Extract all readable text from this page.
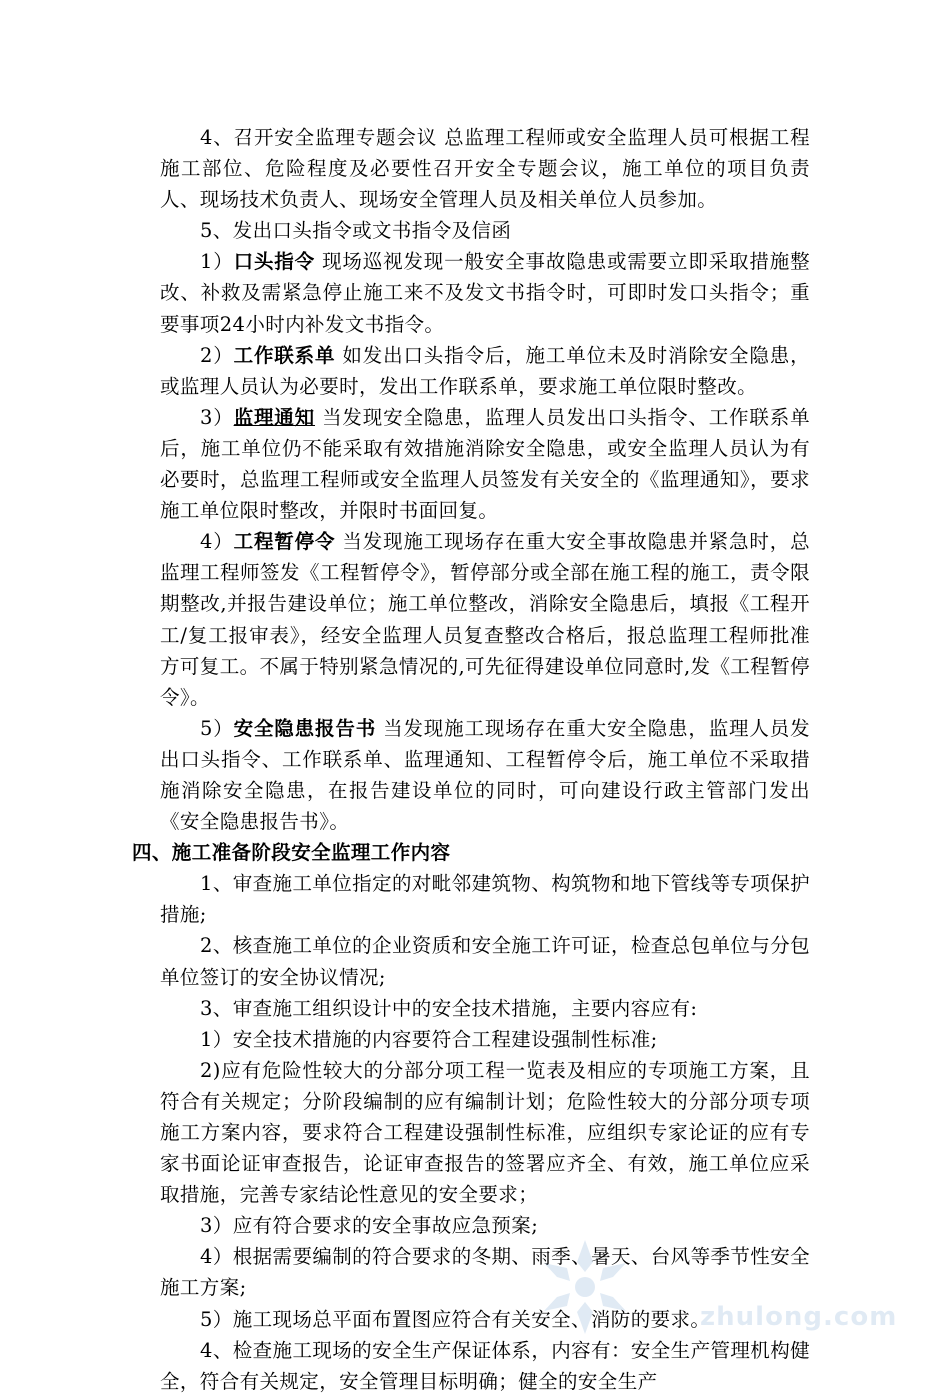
4、召开安全监理专题会议 总监理工程师或安全监理人员可根据工程施工部位、危险程度及必要性召开安全专题会议，施工单位的项目负责人、现场技术负责人、现场安全管理人员及相关单位人员参加。

5、发出口头指令或文书指令及信函

1）口头指令 现场巡视发现一般安全事故隐患或需要立即采取措施整改、补救及需紧急停止施工来不及发文书指令时，可即时发口头指令；重要事项24小时内补发文书指令。

2）工作联系单 如发出口头指令后，施工单位未及时消除安全隐患，或监理人员认为必要时，发出工作联系单，要求施工单位限时整改。

3）监理通知 当发现安全隐患，监理人员发出口头指令、工作联系单后，施工单位仍不能采取有效措施消除安全隐患，或安全监理人员认为有必要时，总监理工程师或安全监理人员签发有关安全的《监理通知》，要求施工单位限时整改，并限时书面回复。

4）工程暂停令 当发现施工现场存在重大安全事故隐患并紧急时，总监理工程师签发《工程暂停令》，暂停部分或全部在施工程的施工，责令限期整改,并报告建设单位；施工单位整改，消除安全隐患后，填报《工程开工/复工报审表》，经安全监理人员复查整改合格后，报总监理工程师批准方可复工。不属于特别紧急情况的,可先征得建设单位同意时,发《工程暂停令》。

5）安全隐患报告书 当发现施工现场存在重大安全隐患，监理人员发出口头指令、工作联系单、监理通知、工程暂停令后，施工单位不采取措施消除安全隐患，在报告建设单位的同时，可向建设行政主管部门发出《安全隐患报告书》。

四、施工准备阶段安全监理工作内容

1、审查施工单位指定的对毗邻建筑物、构筑物和地下管线等专项保护措施;

2、核查施工单位的企业资质和安全施工许可证，检查总包单位与分包单位签订的安全协议情况;

3、审查施工组织设计中的安全技术措施，主要内容应有:

1）安全技术措施的内容要符合工程建设强制性标准;

2)应有危险性较大的分部分项工程一览表及相应的专项施工方案，且符合有关规定；分阶段编制的应有编制计划；危险性较大的分部分项专项施工方案内容，要求符合工程建设强制性标准，应组织专家论证的应有专家书面论证审查报告，论证审查报告的签署应齐全、有效，施工单位应采取措施，完善专家结论性意见的安全要求；

3）应有符合要求的安全事故应急预案;

4）根据需要编制的符合要求的冬期、雨季、暑天、台风等季节性安全施工方案;

5）施工现场总平面布置图应符合有关安全、消防的要求。

4、检查施工现场的安全生产保证体系，内容有：安全生产管理机构健全，符合有关规定，安全管理目标明确；健全的安全生产

zhulong.com
